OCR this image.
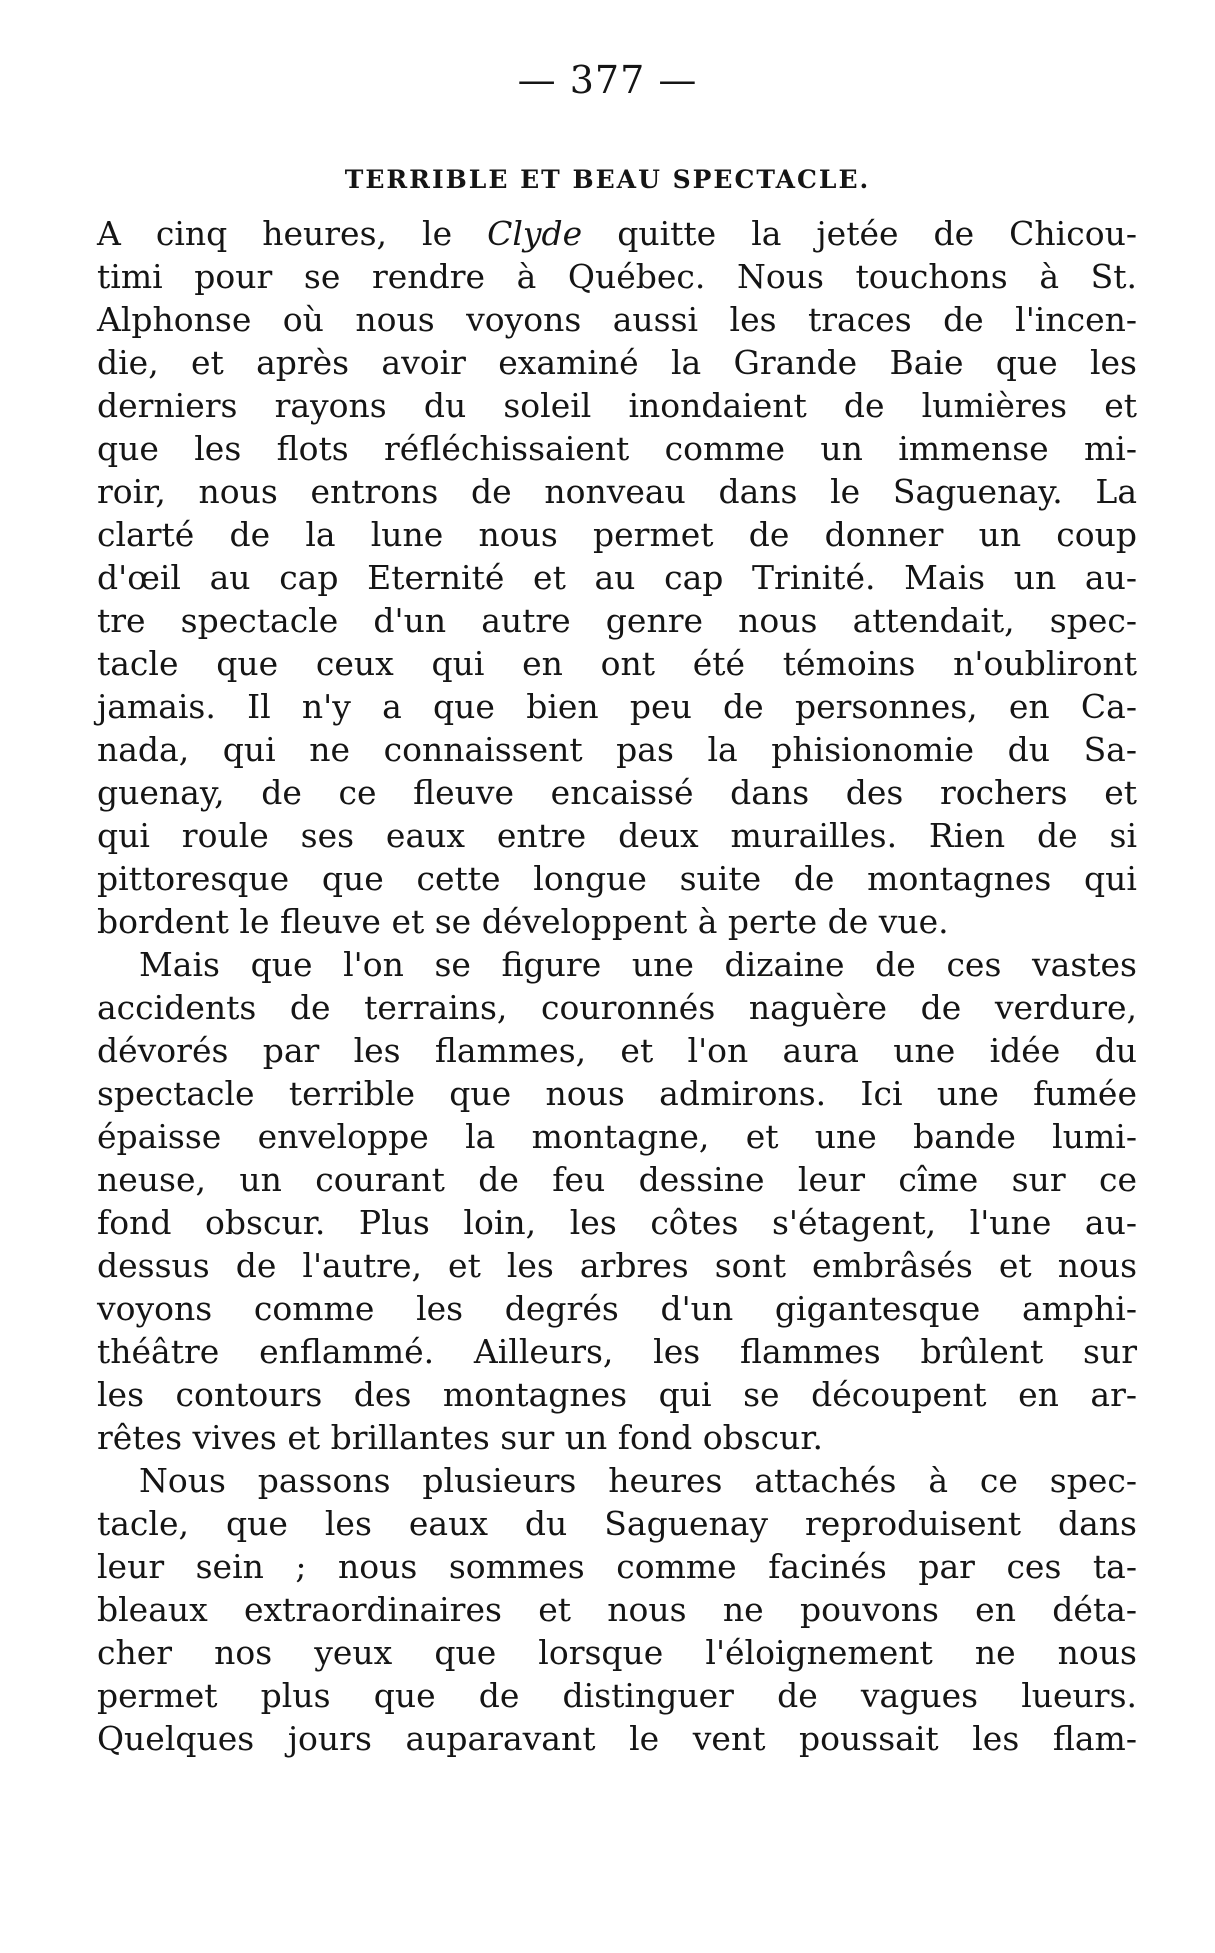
— 377 —
TERRIBLE ET BEAU SPECTACLE.
A cinq heures, le Clyde quitte la jetée de Chicou-
timi pour se rendre à Québec. Nous touchons à St.
Alphonse où nous voyons aussi les traces de l'incen-
die, et après avoir examiné la Grande Baie que les
derniers rayons du soleil inondaient de lumières et
que les flots réfléchissaient comme un immense mi-
roir, nous entrons de nonveau dans le Saguenay. La
clarté de la lune nous permet de donner un coup
d'œil au cap Eternité et au cap Trinité. Mais un au-
tre spectacle d'un autre genre nous attendait, spec-
tacle que ceux qui en ont été témoins n'oubliront
jamais. Il n'y a que bien peu de personnes, en Ca-
nada, qui ne connaissent pas la phisionomie du Sa-
guenay, de ce fleuve encaissé dans des rochers et
qui roule ses eaux entre deux murailles. Rien de si
pittoresque que cette longue suite de montagnes qui
bordent le fleuve et se développent à perte de vue.
Mais que l'on se figure une dizaine de ces vastes
accidents de terrains, couronnés naguère de verdure,
dévorés par les flammes, et l'on aura une idée du
spectacle terrible que nous admirons. Ici une fumée
épaisse enveloppe la montagne, et une bande lumi-
neuse, un courant de feu dessine leur cîme sur ce
fond obscur. Plus loin, les côtes s'étagent, l'une au-
dessus de l'autre, et les arbres sont embrâsés et nous
voyons comme les degrés d'un gigantesque amphi-
théâtre enflammé. Ailleurs, les flammes brûlent sur
les contours des montagnes qui se découpent en ar-
rêtes vives et brillantes sur un fond obscur.
Nous passons plusieurs heures attachés à ce spec-
tacle, que les eaux du Saguenay reproduisent dans
leur sein ; nous sommes comme facinés par ces ta-
bleaux extraordinaires et nous ne pouvons en déta-
cher nos yeux que lorsque l'éloignement ne nous
permet plus que de distinguer de vagues lueurs.
Quelques jours auparavant le vent poussait les flam-
